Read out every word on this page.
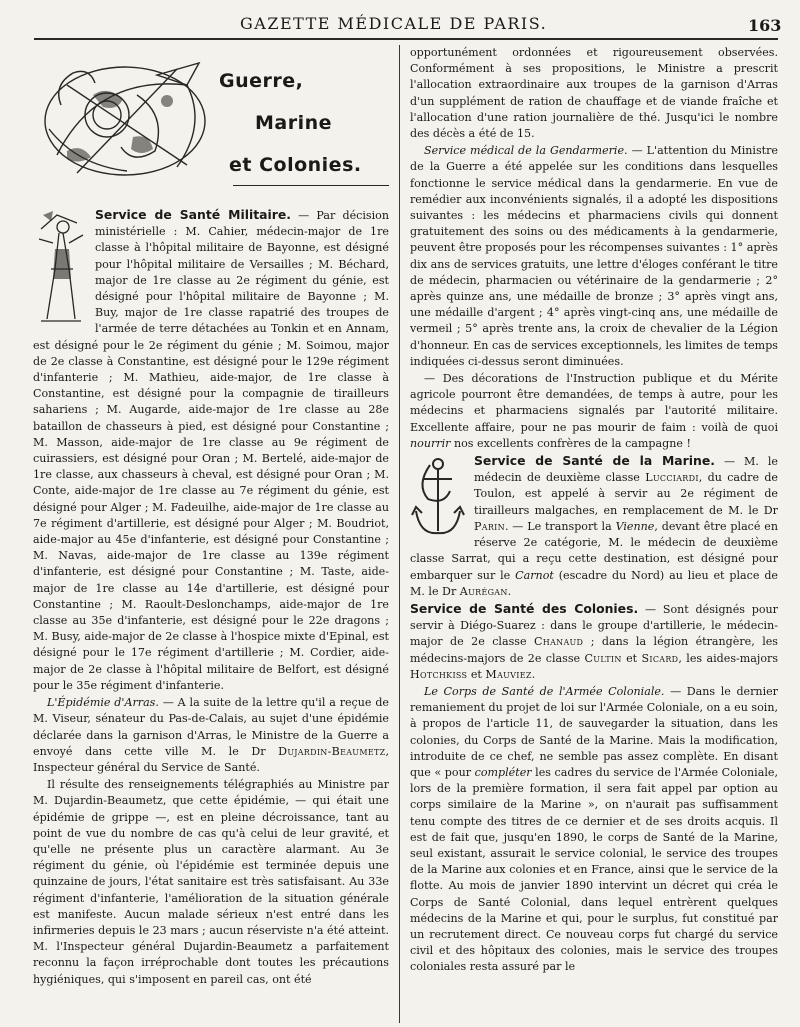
GAZETTE MÉDICALE DE PARIS.	163
Guerre,
Marine
et Colonies.

Service de Santé Militaire. — Par décision ministérielle : M. Cahier, médecin-major de 1re classe à l'hôpital militaire de Bayonne, est désigné pour l'hôpital militaire de Versailles ; M. Béchard, major de 1re classe au 2e régiment du génie, est désigné pour l'hôpital militaire de Bayonne ; M. Buy, major de 1re classe rapatrié des troupes de l'armée de terre détachées au Tonkin et en Annam, est désigné pour le 2e régiment du génie ; M. Soimou, major de 2e classe à Constantine, est désigné pour le 129e régiment d'infanterie ; M. Mathieu, aide-major, de 1re classe à Constantine, est désigné pour la compagnie de tirailleurs sahariens ; M. Augarde, aide-major de 1re classe au 28e bataillon de chasseurs à pied, est désigné pour Constantine ; M. Masson, aide-major de 1re classe au 9e régiment de cuirassiers, est désigné pour Oran ; M. Bertelé, aide-major de 1re classe, aux chasseurs à cheval, est désigné pour Oran ; M. Conte, aide-major de 1re classe au 7e régiment du génie, est désigné pour Alger ; M. Fadeuilhe, aide-major de 1re classe au 7e régiment d'artillerie, est désigné pour Alger ; M. Boudriot, aide-major au 45e d'infanterie, est désigné pour Constantine ; M. Navas, aide-major de 1re classe au 139e régiment d'infanterie, est désigné pour Constantine ; M. Taste, aide-major de 1re classe au 14e d'artillerie, est désigné pour Constantine ; M. Raoult-Deslonchamps, aide-major de 1re classe au 35e d'infanterie, est désigné pour le 22e dragons ; M. Busy, aide-major de 2e classe à l'hospice mixte d'Epinal, est désigné pour le 17e régiment d'artillerie ; M. Cordier, aide-major de 2e classe à l'hôpital militaire de Belfort, est désigné pour le 35e régiment d'infanterie.

L'Épidémie d'Arras. — A la suite de la lettre qu'il a reçue de M. Viseur, sénateur du Pas-de-Calais, au sujet d'une épidémie déclarée dans la garnison d'Arras, le Ministre de la Guerre a envoyé dans cette ville M. le Dr Dujardin-Beaumetz, Inspecteur général du Service de Santé.

Il résulte des renseignements télégraphiés au Ministre par M. Dujardin-Beaumetz, que cette épidémie, — qui était une épidémie de grippe —, est en pleine décroissance, tant au point de vue du nombre de cas qu'à celui de leur gravité, et qu'elle ne présente plus un caractère alarmant. Au 3e régiment du génie, où l'épidémie est terminée depuis une quinzaine de jours, l'état sanitaire est très satisfaisant. Au 33e régiment d'infanterie, l'amélioration de la situation générale est manifeste. Aucun malade sérieux n'est entré dans les infirmeries depuis le 23 mars ; aucun réserviste n'a été atteint. M. l'Inspecteur général Dujardin-Beaumetz a parfaitement reconnu la façon irréprochable dont toutes les précautions hygiéniques, qui s'imposent en pareil cas, ont été

opportunément ordonnées et rigoureusement observées. Conformément à ses propositions, le Ministre a prescrit l'allocation extraordinaire aux troupes de la garnison d'Arras d'un supplément de ration de chauffage et de viande fraîche et l'allocation d'une ration journalière de thé. Jusqu'ici le nombre des décès a été de 15.

Service médical de la Gendarmerie. — L'attention du Ministre de la Guerre a été appelée sur les conditions dans lesquelles fonctionne le service médical dans la gendarmerie. En vue de remédier aux inconvénients signalés, il a adopté les dispositions suivantes : les médecins et pharmaciens civils qui donnent gratuitement des soins ou des médicaments à la gendarmerie, peuvent être proposés pour les récompenses suivantes : 1° après dix ans de services gratuits, une lettre d'éloges conférant le titre de médecin, pharmacien ou vétérinaire de la gendarmerie ; 2° après quinze ans, une médaille de bronze ; 3° après vingt ans, une médaille d'argent ; 4° après vingt-cinq ans, une médaille de vermeil ; 5° après trente ans, la croix de chevalier de la Légion d'honneur. En cas de services exceptionnels, les limites de temps indiquées ci-dessus seront diminuées.

— Des décorations de l'Instruction publique et du Mérite agricole pourront être demandées, de temps à autre, pour les médecins et pharmaciens signalés par l'autorité militaire. Excellente affaire, pour ne pas mourir de faim : voilà de quoi nourrir nos excellents confrères de la campagne !

Service de Santé de la Marine. — M. le médecin de deuxième classe Lucciardi, du cadre de Toulon, est appelé à servir au 2e régiment de tirailleurs malgaches, en remplacement de M. le Dr Parin. — Le transport la Vienne, devant être placé en réserve 2e catégorie, M. le médecin de deuxième classe Sarrat, qui a reçu cette destination, est désigné pour embarquer sur le Carnot (escadre du Nord) au lieu et place de M. le Dr Aurégan.

Service de Santé des Colonies. — Sont désignés pour servir à Diégo-Suarez : dans le groupe d'artillerie, le médecin-major de 2e classe Chanaud ; dans la légion étrangère, les médecins-majors de 2e classe Cultin et Sicard, les aides-majors Hotchkiss et Mauviez.

Le Corps de Santé de l'Armée Coloniale. — Dans le dernier remaniement du projet de loi sur l'Armée Coloniale, on a eu soin, à propos de l'article 11, de sauvegarder la situation, dans les colonies, du Corps de Santé de la Marine. Mais la modification, introduite de ce chef, ne semble pas assez complète. En disant que « pour compléter les cadres du service de l'Armée Coloniale, lors de la première formation, il sera fait appel par option au corps similaire de la Marine », on n'aurait pas suffisamment tenu compte des titres de ce dernier et de ses droits acquis. Il est de fait que, jusqu'en 1890, le corps de Santé de la Marine, seul existant, assurait le service colonial, le service des troupes de la Marine aux colonies et en France, ainsi que le service de la flotte. Au mois de janvier 1890 intervint un décret qui créa le Corps de Santé Colonial, dans lequel entrèrent quelques médecins de la Marine et qui, pour le surplus, fut constitué par un recrutement direct. Ce nouveau corps fut chargé du service civil et des hôpitaux des colonies, mais le service des troupes coloniales resta assuré par le
